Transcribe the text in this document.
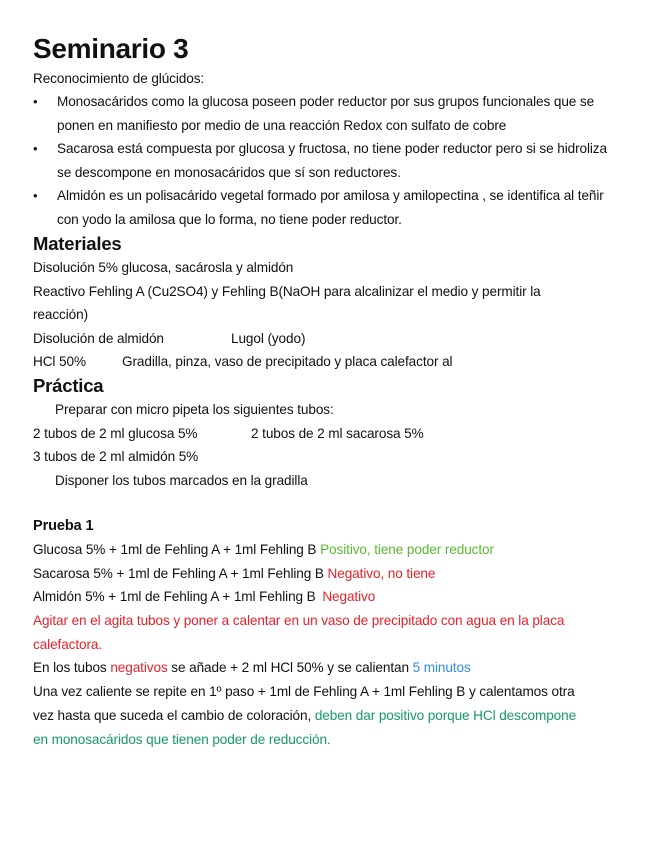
Seminario 3
Reconocimiento de glúcidos:
• Monosacáridos como la glucosa poseen poder reductor por sus grupos funcionales que se ponen en manifiesto por medio de una reacción Redox con sulfato de cobre
• Sacarosa está compuesta por glucosa y fructosa, no tiene poder reductor pero si se hidroliza se descompone en monosacáridos que sí son reductores.
• Almidón es un polisacárido vegetal formado por amilosa y amilopectina , se identifica al teñir con yodo la amilosa que lo forma, no tiene poder reductor.
Materiales
Disolución 5% glucosa, sacárosla y almidón
Reactivo Fehling A (Cu2SO4) y Fehling B(NaOH para alcalinizar el medio y permitir la
reacción)
Disolución de almidón	Lugol (yodo)
HCl 50%	Gradilla, pinza, vaso de precipitado y placa calefactor al
Práctica
Preparar con micro pipeta los siguientes tubos:
2 tubos de 2 ml glucosa 5%	2 tubos de 2 ml sacarosa 5%
3 tubos de 2 ml almidón 5%
Disponer los tubos marcados en la gradilla
Prueba 1
Glucosa 5% + 1ml de Fehling A + 1ml Fehling B Positivo, tiene poder reductor
Sacarosa 5% + 1ml de Fehling A + 1ml Fehling B Negativo, no tiene
Almidón 5% + 1ml de Fehling A + 1ml Fehling B Negativo
Agitar en el agita tubos y poner a calentar en un vaso de precipitado con agua en la placa
calefactora.
En los tubos negativos se añade + 2 ml HCl 50% y se calientan 5 minutos
Una vez caliente se repite en 1º paso + 1ml de Fehling A + 1ml Fehling B y calentamos otra
vez hasta que suceda el cambio de coloración, deben dar positivo porque HCl descompone
en monosacáridos que tienen poder de reducción.
